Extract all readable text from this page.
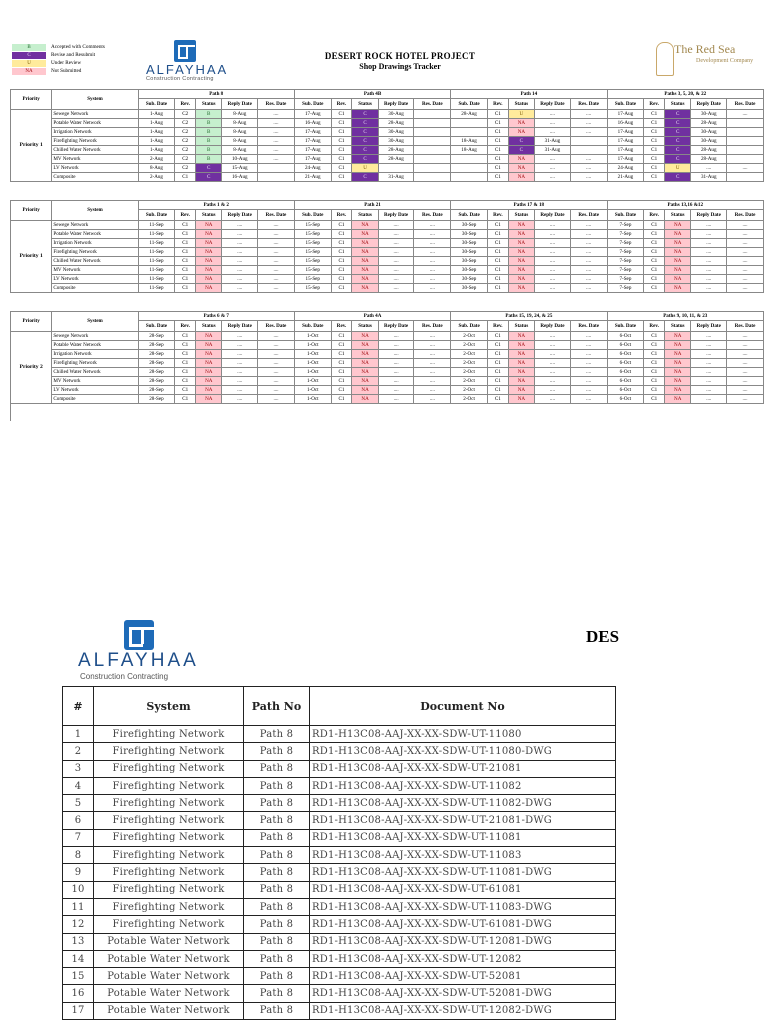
B	Accepted with Comments
C	Revise and Resubmit
U	Under Review
NA	Not Submitted	ALFAYHAA
Construction Contracting
DESERT ROCK HOTEL PROJECT
Shop Drawings Tracker
The Red Sea
Development Company
Priority	System	Path 8					Path 4B					Path 14					Paths 3, 5, 20, & 22				
		Sub. Date	Rev.	Status	Reply Date	Res. Date	Sub. Date	Rev.	Status	Reply Date	Res. Date	Sub. Date	Rev.	Status	Reply Date	Res. Date	Sub. Date	Rev.	Status	Reply Date	Res. Date
Priority 1	Sewege Network	1-Aug	C2	B	8-Aug	....	17-Aug	C1	C	30-Aug		28-Aug	C1	U	....	....	17-Aug	C1	C	30-Aug	....
	Potable Water Network	1-Aug	C2	B	8-Aug	....	16-Aug	C1	C	28-Aug			C1	NA	....	....	16-Aug	C1	C	28-Aug	
	Irrigation Network	1-Aug	C2	B	8-Aug	....	17-Aug	C1	C	30-Aug			C1	NA	....	....	17-Aug	C1	C	30-Aug	
	Firefighting Network	1-Aug	C2	B	8-Aug	....	17-Aug	C1	C	30-Aug		18-Aug	C1	C	31-Aug		17-Aug	C1	C	30-Aug	
	Chilled Water Network	1-Aug	C2	B	8-Aug	....	17-Aug	C1	C	28-Aug		18-Aug	C1	C	31-Aug		17-Aug	C1	C	28-Aug	
	MV Network	2-Aug	C2	B	10-Aug	....	17-Aug	C1	C	28-Aug			C1	NA	....	....	17-Aug	C1	C	28-Aug	
	LV Network	8-Aug	C2	C	15-Aug		24-Aug	C1	U				C1	NA	....	....	24-Aug	C1	U	....	....
	Composite	2-Aug	C1	C	16-Aug		21-Aug	C1	C	31-Aug			C1	NA	....	....	21-Aug	C1	C	31-Aug	
Priority	System	Paths 1 & 2					Path 21					Paths 17 & 18					Paths 13,16 &12				
		Sub. Date	Rev.	Status	Reply Date	Res. Date	Sub. Date	Rev.	Status	Reply Date	Res. Date	Sub. Date	Rev.	Status	Reply Date	Res. Date	Sub. Date	Rev.	Status	Reply Date	Res. Date
Priority 1	Sewege Network	11-Sep	C1	NA	....	....	15-Sep	C1	NA	....	....	30-Sep	C1	NA	....	....	7-Sep	C1	NA	....	....
	Potable Water Network	11-Sep	C1	NA	....	....	15-Sep	C1	NA	....	....	30-Sep	C1	NA	....	....	7-Sep	C1	NA	....	....
	Irrigation Network	11-Sep	C1	NA	....	....	15-Sep	C1	NA	....	....	30-Sep	C1	NA	....	....	7-Sep	C1	NA	....	....
	Firefighting Network	11-Sep	C1	NA	....	....	15-Sep	C1	NA	....	....	30-Sep	C1	NA	....	....	7-Sep	C1	NA	....	....
	Chilled Water Network	11-Sep	C1	NA	....	....	15-Sep	C1	NA	....	....	30-Sep	C1	NA	....	....	7-Sep	C1	NA	....	....
	MV Network	11-Sep	C1	NA	....	....	15-Sep	C1	NA	....	....	30-Sep	C1	NA	....	....	7-Sep	C1	NA	....	....
	LV Network	11-Sep	C1	NA	....	....	15-Sep	C1	NA	....	....	30-Sep	C1	NA	....	....	7-Sep	C1	NA	....	....
	Composite	11-Sep	C1	NA	....	....	15-Sep	C1	NA	....	....	30-Sep	C1	NA	....	....	7-Sep	C1	NA	....	....
Priority	System	Paths 6 & 7					Path 4A					Paths 15, 19, 24, & 25					Paths 9, 10, 11, & 23				
		Sub. Date	Rev.	Status	Reply Date	Res. Date	Sub. Date	Rev.	Status	Reply Date	Res. Date	Sub. Date	Rev.	Status	Reply Date	Res. Date	Sub. Date	Rev.	Status	Reply Date	Res. Date
Priority 2	Sewege Network	28-Sep	C1	NA	....	....	1-Oct	C1	NA	....	....	2-Oct	C1	NA	....	....	6-Oct	C1	NA	....	....
	Potable Water Network	28-Sep	C1	NA	....	....	1-Oct	C1	NA	....	....	2-Oct	C1	NA	....	....	6-Oct	C1	NA	....	....
	Irrigation Network	28-Sep	C1	NA	....	....	1-Oct	C1	NA	....	....	2-Oct	C1	NA	....	....	6-Oct	C1	NA	....	....
	Firefighting Network	28-Sep	C1	NA	....	....	1-Oct	C1	NA	....	....	2-Oct	C1	NA	....	....	6-Oct	C1	NA	....	....
	Chilled Water Network	28-Sep	C1	NA	....	....	1-Oct	C1	NA	....	....	2-Oct	C1	NA	....	....	6-Oct	C1	NA	....	....
	MV Network	28-Sep	C1	NA	....	....	1-Oct	C1	NA	....	....	2-Oct	C1	NA	....	....	6-Oct	C1	NA	....	....
	LV Network	28-Sep	C1	NA	....	....	1-Oct	C1	NA	....	....	2-Oct	C1	NA	....	....	6-Oct	C1	NA	....	....
	Composite	28-Sep	C1	NA	....	....	1-Oct	C1	NA	....	....	2-Oct	C1	NA	....	....	6-Oct	C1	NA	....	....
ALFAYHAA
Construction Contracting
DES
#	System	Path No	Document No
1	Firefighting Network	Path 8	RD1-H13C08-AAJ-XX-XX-SDW-UT-11080
2	Firefighting Network	Path 8	RD1-H13C08-AAJ-XX-XX-SDW-UT-11080-DWG
3	Firefighting Network	Path 8	RD1-H13C08-AAJ-XX-XX-SDW-UT-21081
4	Firefighting Network	Path 8	RD1-H13C08-AAJ-XX-XX-SDW-UT-11082
5	Firefighting Network	Path 8	RD1-H13C08-AAJ-XX-XX-SDW-UT-11082-DWG
6	Firefighting Network	Path 8	RD1-H13C08-AAJ-XX-XX-SDW-UT-21081-DWG
7	Firefighting Network	Path 8	RD1-H13C08-AAJ-XX-XX-SDW-UT-11081
8	Firefighting Network	Path 8	RD1-H13C08-AAJ-XX-XX-SDW-UT-11083
9	Firefighting Network	Path 8	RD1-H13C08-AAJ-XX-XX-SDW-UT-11081-DWG
10	Firefighting Network	Path 8	RD1-H13C08-AAJ-XX-XX-SDW-UT-61081
11	Firefighting Network	Path 8	RD1-H13C08-AAJ-XX-XX-SDW-UT-11083-DWG
12	Firefighting Network	Path 8	RD1-H13C08-AAJ-XX-XX-SDW-UT-61081-DWG
13	Potable Water Network	Path 8	RD1-H13C08-AAJ-XX-XX-SDW-UT-12081-DWG
14	Potable Water Network	Path 8	RD1-H13C08-AAJ-XX-XX-SDW-UT-12082
15	Potable Water Network	Path 8	RD1-H13C08-AAJ-XX-XX-SDW-UT-52081
16	Potable Water Network	Path 8	RD1-H13C08-AAJ-XX-XX-SDW-UT-52081-DWG
17	Potable Water Network	Path 8	RD1-H13C08-AAJ-XX-XX-SDW-UT-12082-DWG
